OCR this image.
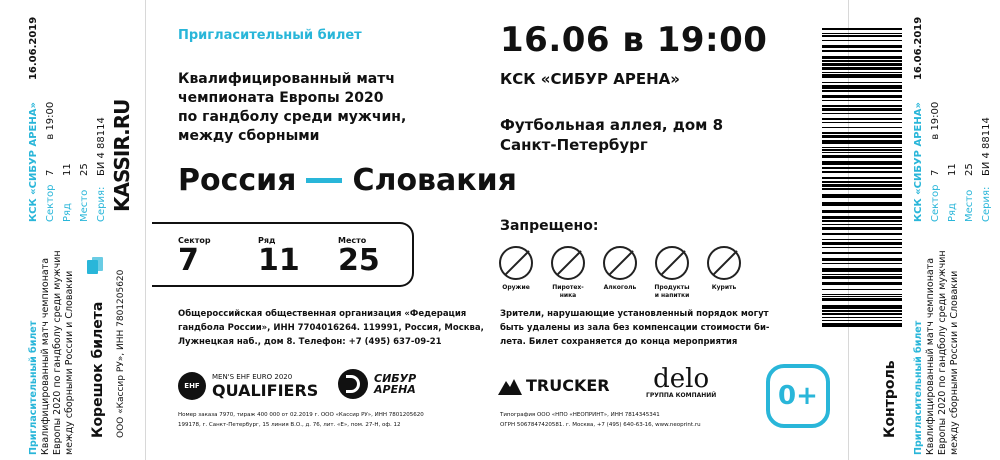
КСК «СИБУР АРЕНА»
16.06.2019
Сектор
7
в 19:00
Ряд
11
Место
25
Серия:
БИ 4 88114 KASSIR.RU
Пригласительный билет Квалифицированный матч чемпионата Европы 2020 по гандболу среди мужчин между сборными России и Словакии Корешок билета ООО «Кассир РУ», ИНН 7801205620
Пригласительный билет
Квалифицированный матч
чемпионата Европы 2020
по гандболу среди мужчин,
между сборными
16.06 в 19:00
КСК «СИБУР АРЕНА»
Футбольная аллея, дом 8
Санкт-Петербург
Россия Словакия
Сектор
7
Ряд
11
Место
25
Запрещено:
Оружие	Пиротех-ника
Алкоголь	Продукты и напитки
Курить
Общероссийская общественная организация «Федерация
гандбола России», ИНН 7704016264. 119991, Россия, Москва,
Лужнецкая наб., дом 8. Телефон: +7 (495) 637-09-21
Зрители, нарушающие установленный порядок могут
быть удалены из зала без компенсации стоимости би-
лета. Билет сохраняется до конца мероприятия
EHF
MEN'S EHF EURO 2020
QUALIFIERS
СИБУР
АРЕНА	TRUCKER delo
ГРУППА КОМПАНИЙ	0+
Номер заказа 7970, тираж 400 000 от 02.2019 г. ООО «Кассир РУ», ИНН 7801205620
199178, г. Санкт-Петербург, 15 линия В.О., д. 76, лит. «Е», пом. 27-Н, оф. 12
Типография ООО «НПО «НЕОПРИНТ», ИНН 7814345341
ОГРН 5067847420581. г. Москва, +7 (495) 640-63-16, www.neoprint.ru	Контроль
КСК «СИБУР АРЕНА»
16.06.2019
Сектор
7
в 19:00
Ряд
11
Место
25
Серия:
БИ 4 88114
Пригласительный билет Квалифицированный матч чемпионата Европы 2020 по гандболу среди мужчин между сборными России и Словакии
